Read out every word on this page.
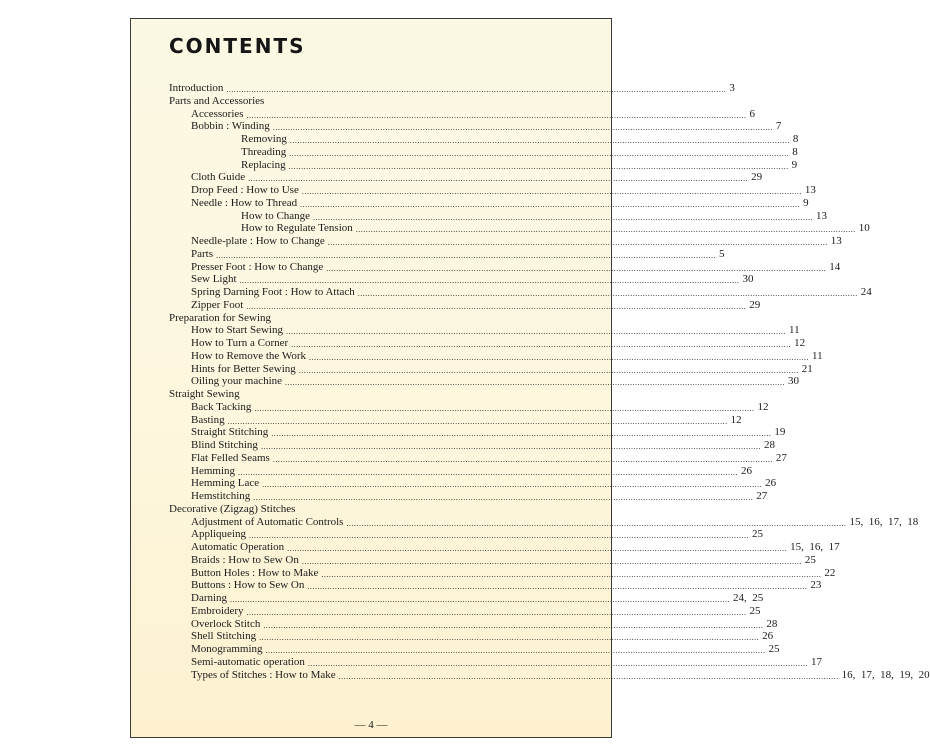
CONTENTS
Introduction ........................................................................................................................................................................................................ 3
Parts and Accessories
Accessories ........................................................................................................................................................................................................ 6
Bobbin : Winding ........................................................................................................................................................................................................ 7
Removing ........................................................................................................................................................................................................ 8
Threading ........................................................................................................................................................................................................ 8
Replacing ........................................................................................................................................................................................................ 9
Cloth Guide ........................................................................................................................................................................................................ 29
Drop Feed : How to Use ........................................................................................................................................................................................................ 13
Needle : How to Thread ........................................................................................................................................................................................................ 9
How to Change ........................................................................................................................................................................................................ 13
How to Regulate Tension ........................................................................................................................................................................................................ 10
Needle-plate : How to Change ........................................................................................................................................................................................................ 13
Parts ........................................................................................................................................................................................................ 5
Presser Foot : How to Change ........................................................................................................................................................................................................ 14
Sew Light ........................................................................................................................................................................................................ 30
Spring Darning Foot : How to Attach ........................................................................................................................................................................................................ 24
Zipper Foot ........................................................................................................................................................................................................ 29
Preparation for Sewing
How to Start Sewing ........................................................................................................................................................................................................ 11
How to Turn a Corner ........................................................................................................................................................................................................ 12
How to Remove the Work ........................................................................................................................................................................................................ 11
Hints for Better Sewing ........................................................................................................................................................................................................ 21
Oiling your machine ........................................................................................................................................................................................................ 30
Straight Sewing
Back Tacking ........................................................................................................................................................................................................ 12
Basting ........................................................................................................................................................................................................ 12
Straight Stitching ........................................................................................................................................................................................................ 19
Blind Stitching ........................................................................................................................................................................................................ 28
Flat Felled Seams ........................................................................................................................................................................................................ 27
Hemming ........................................................................................................................................................................................................ 26
Hemming Lace ........................................................................................................................................................................................................ 26
Hemstitching ........................................................................................................................................................................................................ 27
Decorative (Zigzag) Stitches
Adjustment of Automatic Controls ........................................................................................................................................................................................................ 15,  16,  17,  18
Appliqueing ........................................................................................................................................................................................................ 25
Automatic Operation ........................................................................................................................................................................................................ 15,  16,  17
Braids : How to Sew On ........................................................................................................................................................................................................ 25
Button Holes : How to Make ........................................................................................................................................................................................................ 22
Buttons : How to Sew On ........................................................................................................................................................................................................ 23
Darning ........................................................................................................................................................................................................ 24,  25
Embroidery ........................................................................................................................................................................................................ 25
Overlock Stitch ........................................................................................................................................................................................................ 28
Shell Stitching ........................................................................................................................................................................................................ 26
Monogramming ........................................................................................................................................................................................................ 25
Semi-automatic operation ........................................................................................................................................................................................................ 17
Types of Stitches : How to Make ........................................................................................................................................................................................................ 16,  17,  18,  19,  20
— 4 —
